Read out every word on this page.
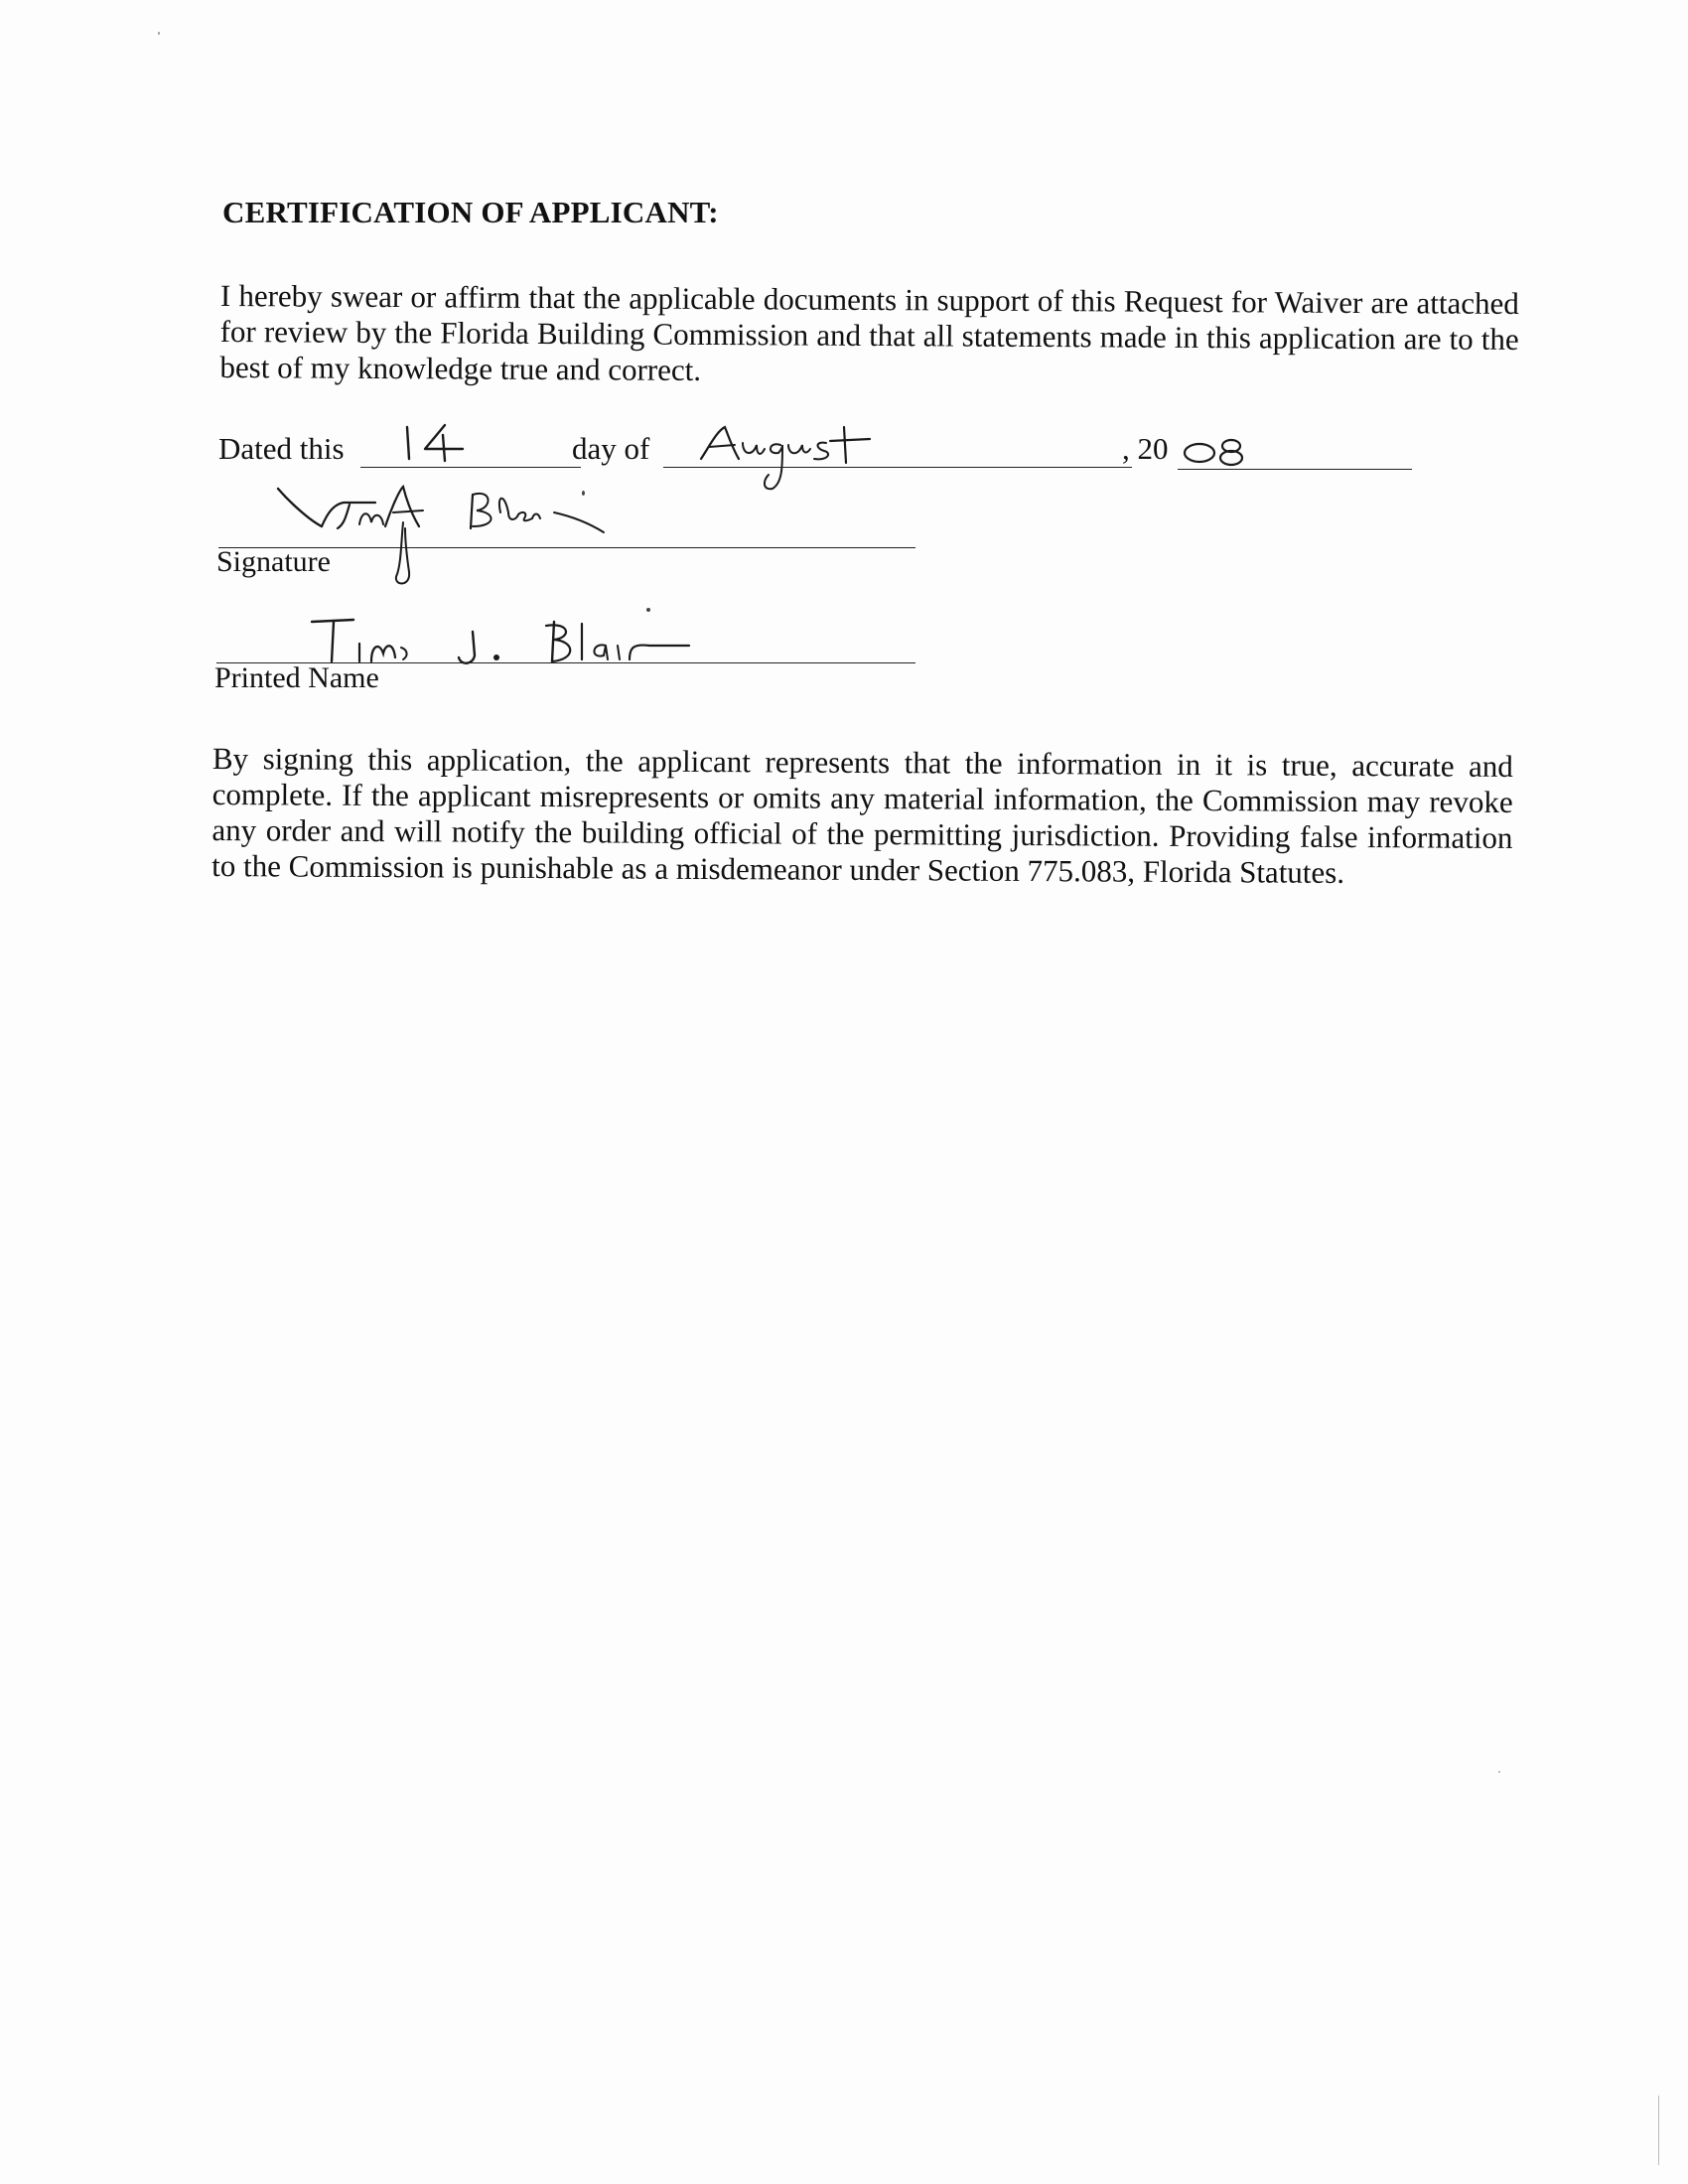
CERTIFICATION OF APPLICANT:
I hereby swear or affirm that the applicable documents in support of this Request for Waiver are attached for review by the Florida Building Commission and that all statements made in this application are to the best of my knowledge true and correct.
Dated this	day of	, 20
Signature
Printed Name
By signing this application, the applicant represents that the information in it is true, accurate and complete. If the applicant misrepresents or omits any material information, the Commission may revoke any order and will notify the building official of the permitting jurisdiction. Providing false information to the Commission is punishable as a misdemeanor under Section 775.083, Florida Statutes.
